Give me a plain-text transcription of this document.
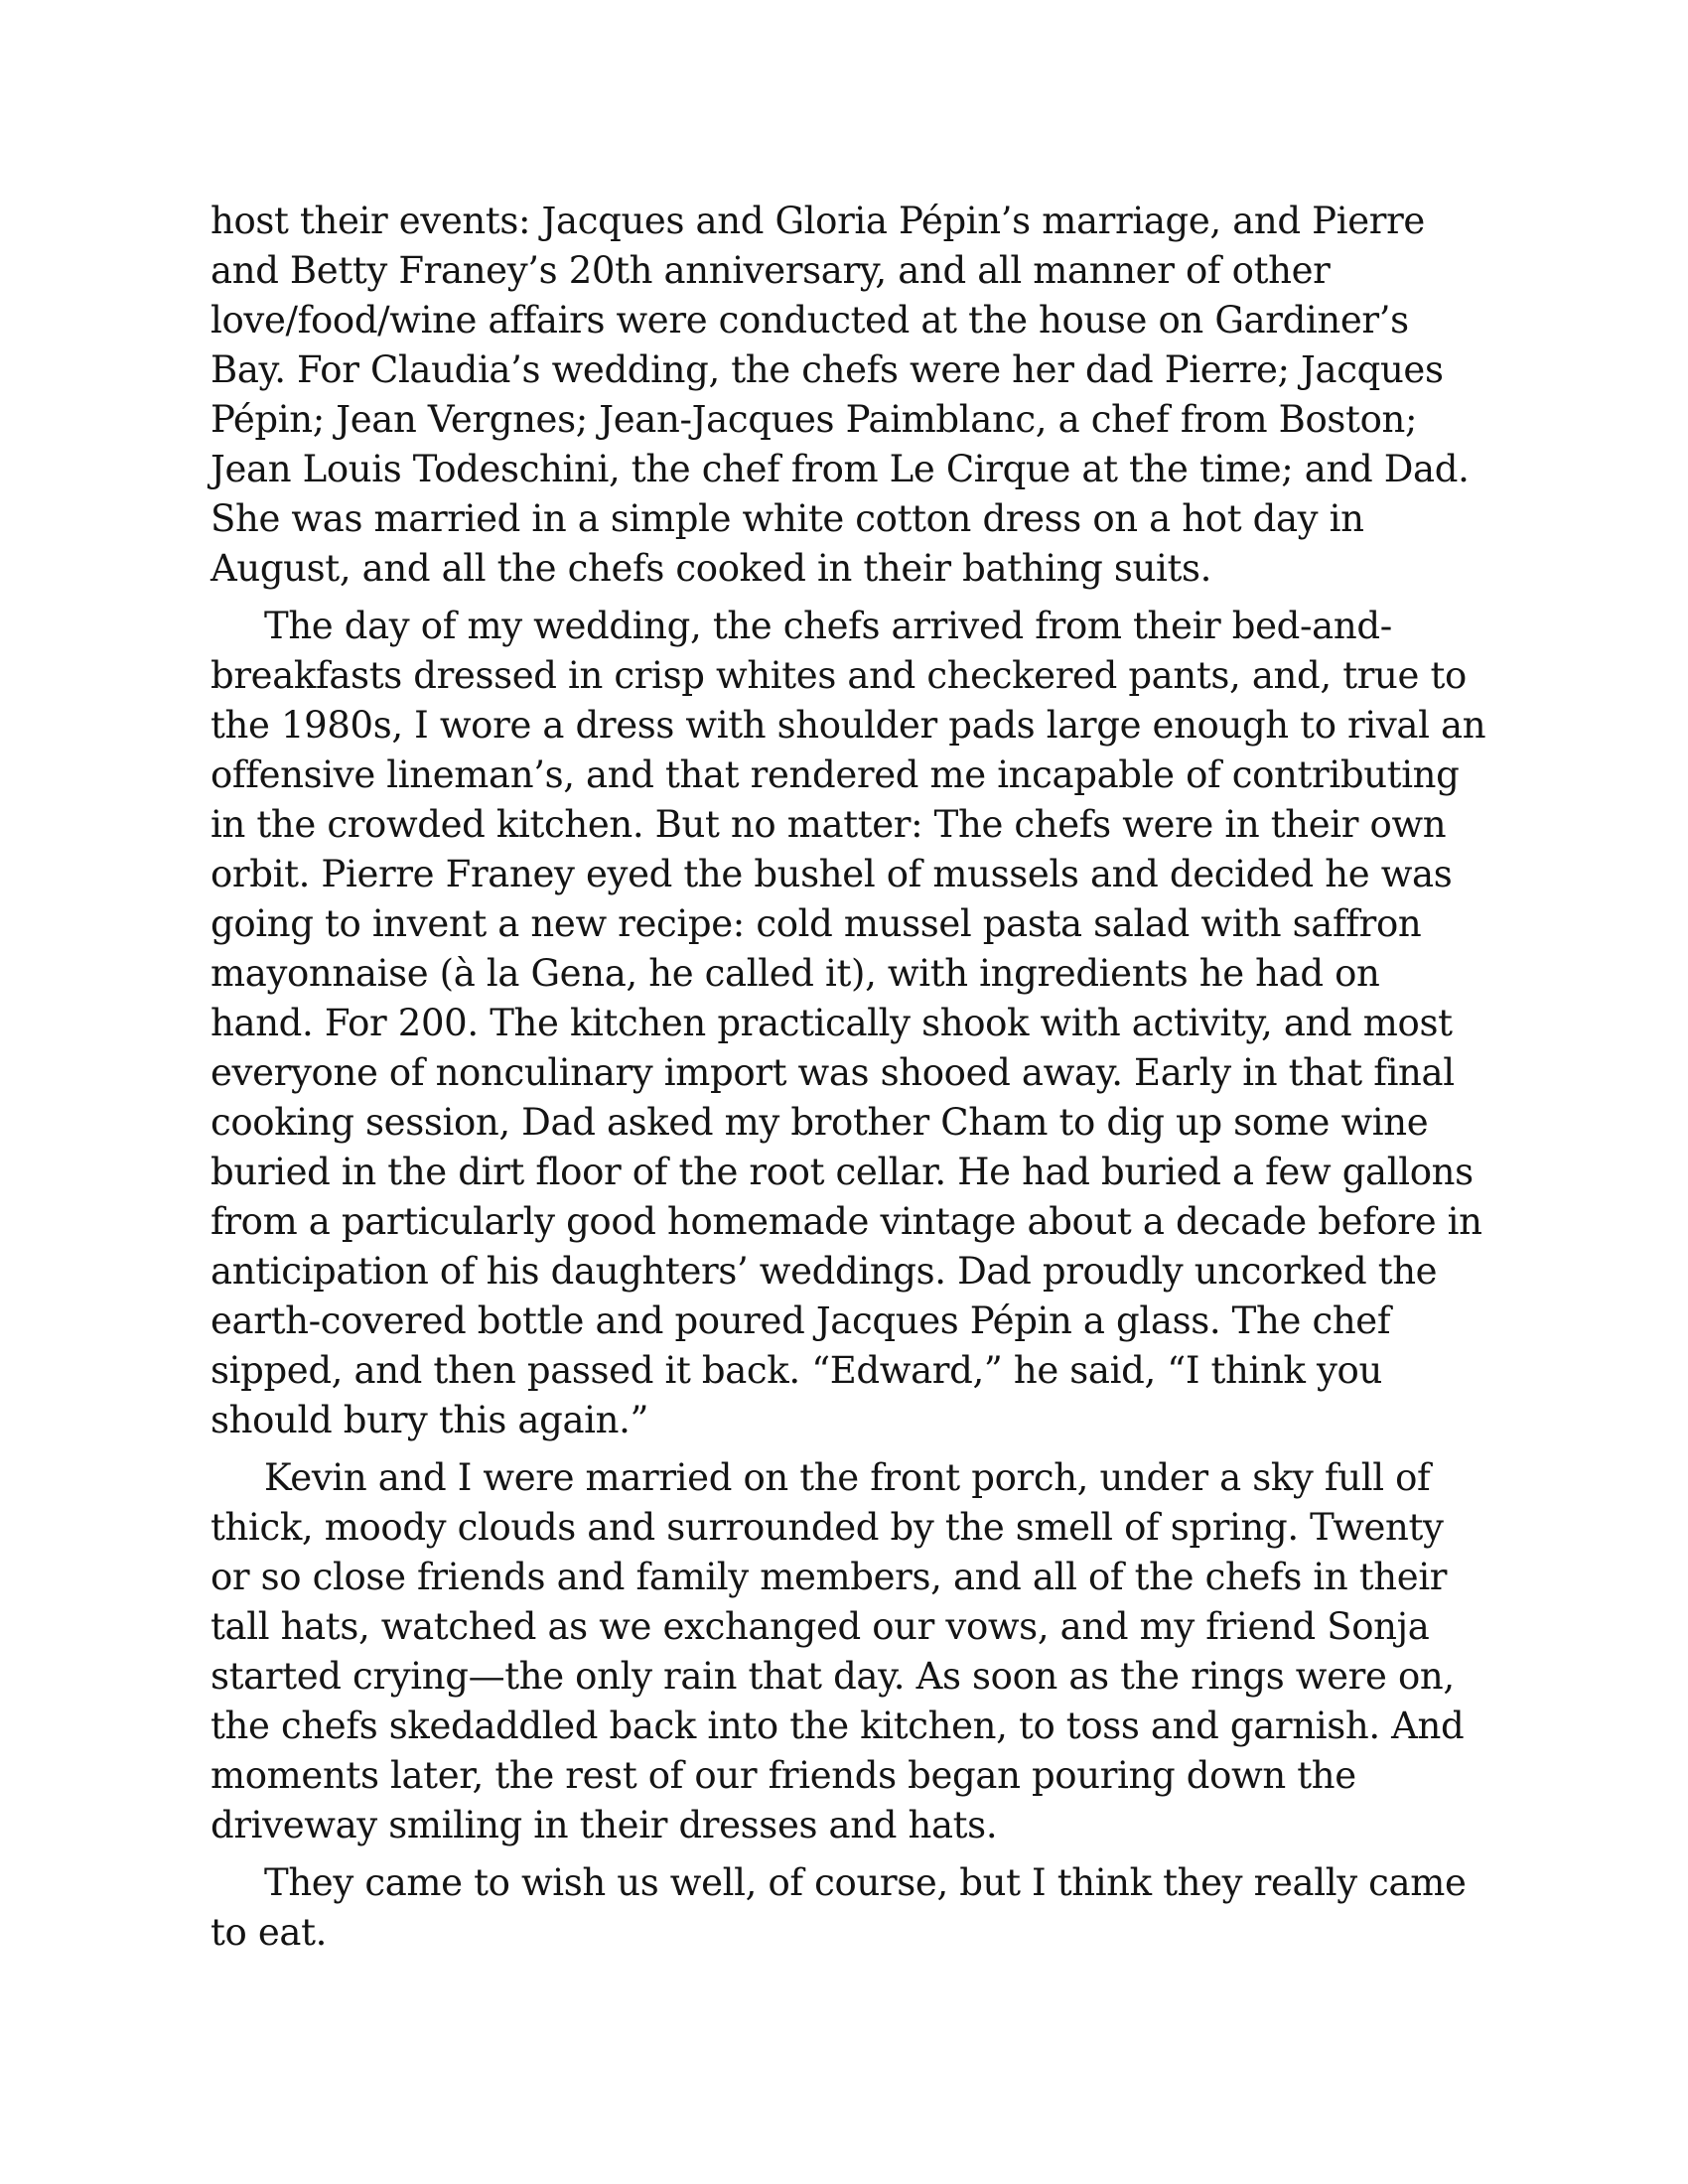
host their events: Jacques and Gloria Pépin’s marriage, and Pierre
and Betty Franey’s 20th anniversary, and all manner of other
love/food/wine affairs were conducted at the house on Gardiner’s
Bay. For Claudia’s wedding, the chefs were her dad Pierre; Jacques
Pépin; Jean Vergnes; Jean-Jacques Paimblanc, a chef from Boston;
Jean Louis Todeschini, the chef from Le Cirque at the time; and Dad.
She was married in a simple white cotton dress on a hot day in
August, and all the chefs cooked in their bathing suits.
The day of my wedding, the chefs arrived from their bed-and-
breakfasts dressed in crisp whites and checkered pants, and, true to
the 1980s, I wore a dress with shoulder pads large enough to rival an
offensive lineman’s, and that rendered me incapable of contributing
in the crowded kitchen. But no matter: The chefs were in their own
orbit. Pierre Franey eyed the bushel of mussels and decided he was
going to invent a new recipe: cold mussel pasta salad with saffron
mayonnaise (à la Gena, he called it), with ingredients he had on
hand. For 200. The kitchen practically shook with activity, and most
everyone of nonculinary import was shooed away. Early in that final
cooking session, Dad asked my brother Cham to dig up some wine
buried in the dirt floor of the root cellar. He had buried a few gallons
from a particularly good homemade vintage about a decade before in
anticipation of his daughters’ weddings. Dad proudly uncorked the
earth-covered bottle and poured Jacques Pépin a glass. The chef
sipped, and then passed it back. “Edward,” he said, “I think you
should bury this again.”
Kevin and I were married on the front porch, under a sky full of
thick, moody clouds and surrounded by the smell of spring. Twenty
or so close friends and family members, and all of the chefs in their
tall hats, watched as we exchanged our vows, and my friend Sonja
started crying—the only rain that day. As soon as the rings were on,
the chefs skedaddled back into the kitchen, to toss and garnish. And
moments later, the rest of our friends began pouring down the
driveway smiling in their dresses and hats.
They came to wish us well, of course, but I think they really came
to eat.
